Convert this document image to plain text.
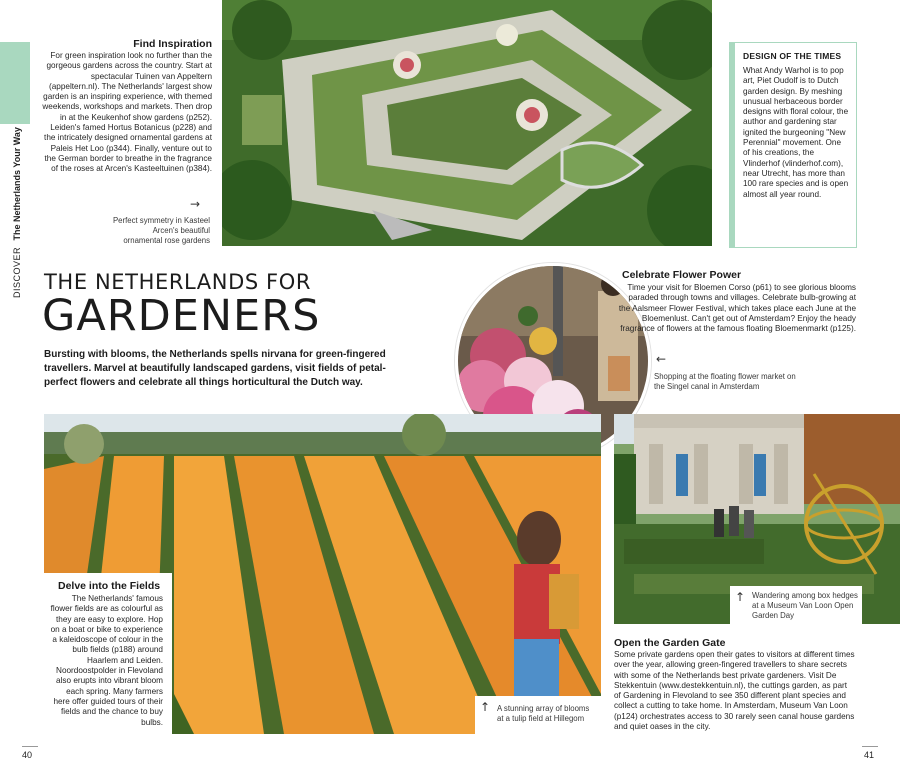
DISCOVER The Netherlands Your Way
Find Inspiration
For green inspiration look no further than the gorgeous gardens across the country. Start at spectacular Tuinen van Appeltern (appeltern.nl). The Netherlands' largest show garden is an inspiring experience, with themed weekends, workshops and markets. Then drop in at the Keukenhof show gardens (p252). Leiden's famed Hortus Botanicus (p228) and the intricately designed ornamental gardens at Paleis Het Loo (p344). Finally, venture out to the German border to breathe in the fragrance of the roses at Arcen's Kasteeltuinen (p384).
→
Perfect symmetry in Kasteel Arcen's beautiful ornamental rose gardens
DESIGN OF THE TIMES
What Andy Warhol is to pop art, Piet Oudolf is to Dutch garden design. By meshing unusual herbaceous border designs with floral colour, the author and gardening star ignited the burgeoning "New Perennial" movement. One of his creations, the Vlinderhof (vlinderhof.com), near Utrecht, has more than 100 rare species and is open almost all year round.
THE NETHERLANDS FOR
GARDENERS
Bursting with blooms, the Netherlands spells nirvana for green-fingered travellers. Marvel at beautifully landscaped gardens, visit fields of petal-perfect flowers and celebrate all things horticultural the Dutch way.
Celebrate Flower Power
Time your visit for Bloemen Corso (p61) to see glorious blooms paraded through towns and villages. Celebrate bulb-growing at the Aalsmeer Flower Festival, which takes place each June at the Bloemenlust. Can't get out of Amsterdam? Enjoy the heady fragrance of flowers at the famous floating Bloemenmarkt (p125).
←
Shopping at the floating flower market on the Singel canal in Amsterdam
Delve into the Fields
The Netherlands' famous flower fields are as colourful as they are easy to explore. Hop on a boat or bike to experience a kaleidoscope of colour in the bulb fields (p188) around Haarlem and Leiden. Noordoostpolder in Flevoland also erupts into vibrant bloom each spring. Many farmers here offer guided tours of their fields and the chance to buy bulbs.
↑ A stunning array of blooms at a tulip field at Hillegom
↑ Wandering among box hedges at a Museum Van Loon Open Garden Day
Open the Garden Gate
Some private gardens open their gates to visitors at different times over the year, allowing green-fingered travellers to share secrets with some of the Netherlands best private gardeners. Visit De Stekkentuin (www.destekkentuin.nl), the cuttings garden, as part of Gardening in Flevoland to see 350 different plant species and collect a cutting to take home. In Amsterdam, Museum Van Loon (p124) orchestrates access to 30 rarely seen canal house gardens and quiet oases in the city.
40	41
